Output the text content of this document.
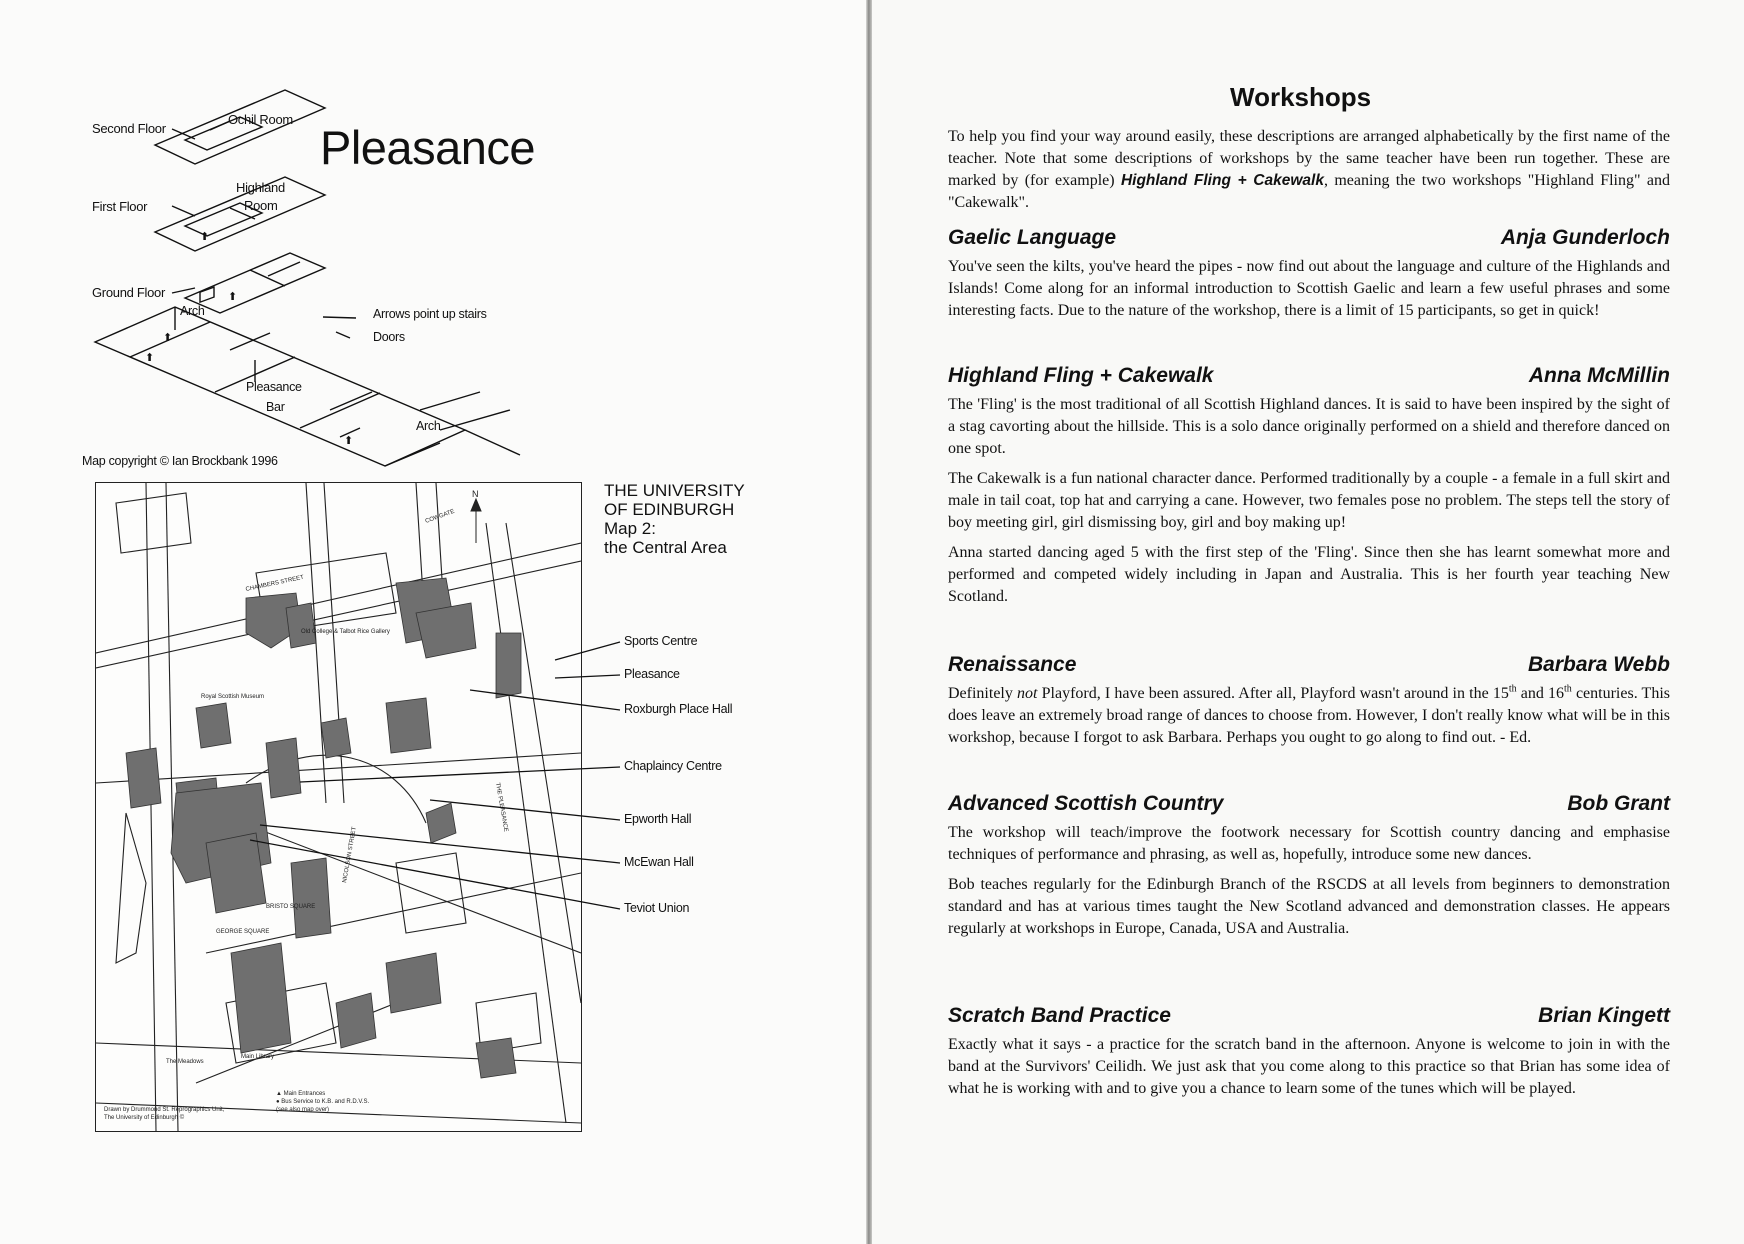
⬆
⬆
⬆
⬆
⬆
Pleasance
Second Floor
First Floor
Ground Floor
Ochil Room
Highland
Room
Arch
Pleasance
Bar
Arch
Arrows point up stairs
Doors
Map copyright © Ian Brockbank 1996
N
Old College & Talbot Rice Gallery
Royal Scottish Museum
CHAMBERS STREET
BRISTO SQUARE
Main Library
COWGATE
THE PLEASANCE
NICOLSON STREET
GEORGE SQUARE
The Meadows
▲ Main Entrances
● Bus Service to K.B. and R.D.V.S.
(see also map over)
Drawn by Drummond St. Reprographics Unit,
The University of Edinburgh ©
THE UNIVERSITY
OF EDINBURGH
Map 2:
the Central Area
Sports Centre
Pleasance
Roxburgh Place Hall
Chaplaincy Centre
Epworth Hall
McEwan Hall
Teviot Union
Workshops
To help you find your way around easily, these descriptions are arranged alphabetically by the first name of the teacher. Note that some descriptions of workshops by the same teacher have been run together. These are marked by (for example) Highland Fling + Cakewalk, meaning the two workshops "Highland Fling" and "Cakewalk".
Gaelic Language	Anja Gunderloch

You've seen the kilts, you've heard the pipes - now find out about the language and culture of the Highlands and Islands! Come along for an informal introduction to Scottish Gaelic and learn a few useful phrases and some interesting facts. Due to the nature of the workshop, there is a limit of 15 participants, so get in quick!

Highland Fling + Cakewalk	Anna McMillin

The 'Fling' is the most traditional of all Scottish Highland dances. It is said to have been inspired by the sight of a stag cavorting about the hillside. This is a solo dance originally performed on a shield and therefore danced on one spot.

The Cakewalk is a fun national character dance. Performed traditionally by a couple - a female in a full skirt and male in tail coat, top hat and carrying a cane. However, two females pose no problem. The steps tell the story of boy meeting girl, girl dismissing boy, girl and boy making up!

Anna started dancing aged 5 with the first step of the 'Fling'. Since then she has learnt somewhat more and performed and competed widely including in Japan and Australia. This is her fourth year teaching New Scotland.

Renaissance	Barbara Webb

Definitely not Playford, I have been assured. After all, Playford wasn't around in the 15th and 16th centuries. This does leave an extremely broad range of dances to choose from. However, I don't really know what will be in this workshop, because I forgot to ask Barbara. Perhaps you ought to go along to find out. - Ed.

Advanced Scottish Country	Bob Grant

The workshop will teach/improve the footwork necessary for Scottish country dancing and emphasise techniques of performance and phrasing, as well as, hopefully, introduce some new dances.

Bob teaches regularly for the Edinburgh Branch of the RSCDS at all levels from beginners to demonstration standard and has at various times taught the New Scotland advanced and demonstration classes. He appears regularly at workshops in Europe, Canada, USA and Australia.

Scratch Band Practice	Brian Kingett

Exactly what it says - a practice for the scratch band in the afternoon. Anyone is welcome to join in with the band at the Survivors' Ceilidh. We just ask that you come along to this practice so that Brian has some idea of what he is working with and to give you a chance to learn some of the tunes which will be played.
